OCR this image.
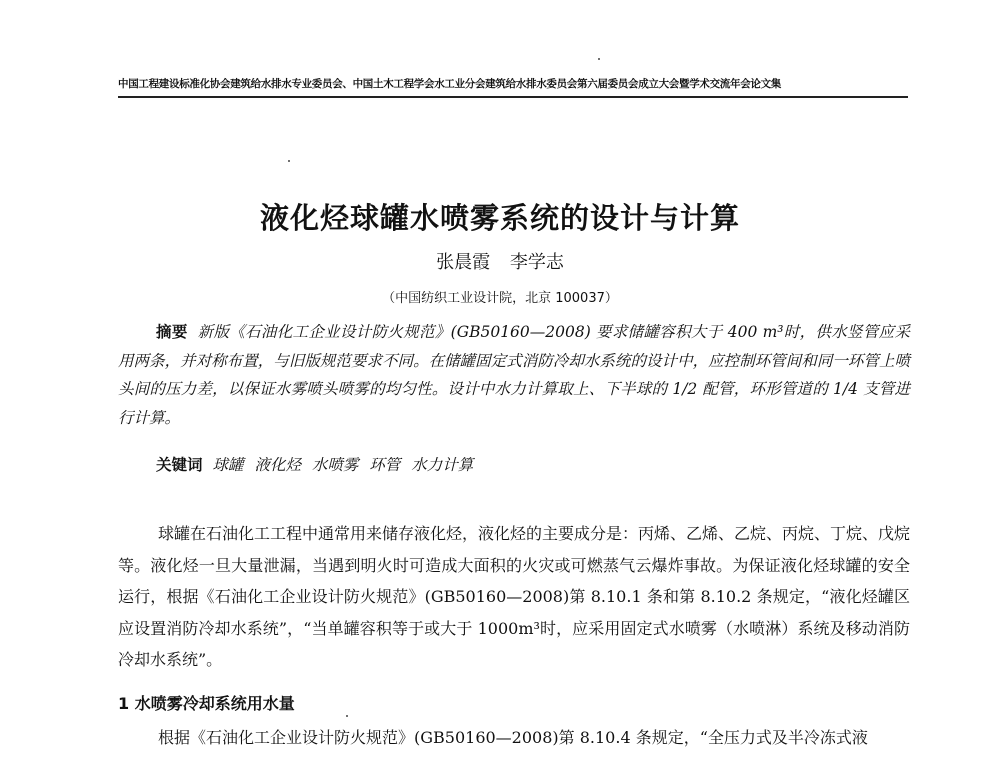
中国工程建设标准化协会建筑给水排水专业委员会、中国土木工程学会水工业分会建筑给水排水委员会第六届委员会成立大会暨学术交流年会论文集
液化烃球罐水喷雾系统的设计与计算
张晨霞 李学志
（中国纺织工业设计院，北京 100037）
摘要 新版《石油化工企业设计防火规范》(GB50160—2008) 要求储罐容积大于 400 m³时，供水竖管应采用两条，并对称布置，与旧版规范要求不同。在储罐固定式消防冷却水系统的设计中，应控制环管间和同一环管上喷头间的压力差，以保证水雾喷头喷雾的均匀性。设计中水力计算取上、下半球的 1/2 配管，环形管道的 1/4 支管进行计算。
关键词 球罐 液化烃 水喷雾 环管 水力计算
球罐在石油化工工程中通常用来储存液化烃，液化烃的主要成分是：丙烯、乙烯、乙烷、丙烷、丁烷、戊烷等。液化烃一旦大量泄漏，当遇到明火时可造成大面积的火灾或可燃蒸气云爆炸事故。为保证液化烃球罐的安全运行，根据《石油化工企业设计防火规范》(GB50160—2008)第 8.10.1 条和第 8.10.2 条规定，“液化烃罐区应设置消防冷却水系统”，“当单罐容积等于或大于 1000m³时，应采用固定式水喷雾（水喷淋）系统及移动消防冷却水系统”。
1 水喷雾冷却系统用水量
根据《石油化工企业设计防火规范》(GB50160—2008)第 8.10.4 条规定，“全压力式及半冷冻式液
